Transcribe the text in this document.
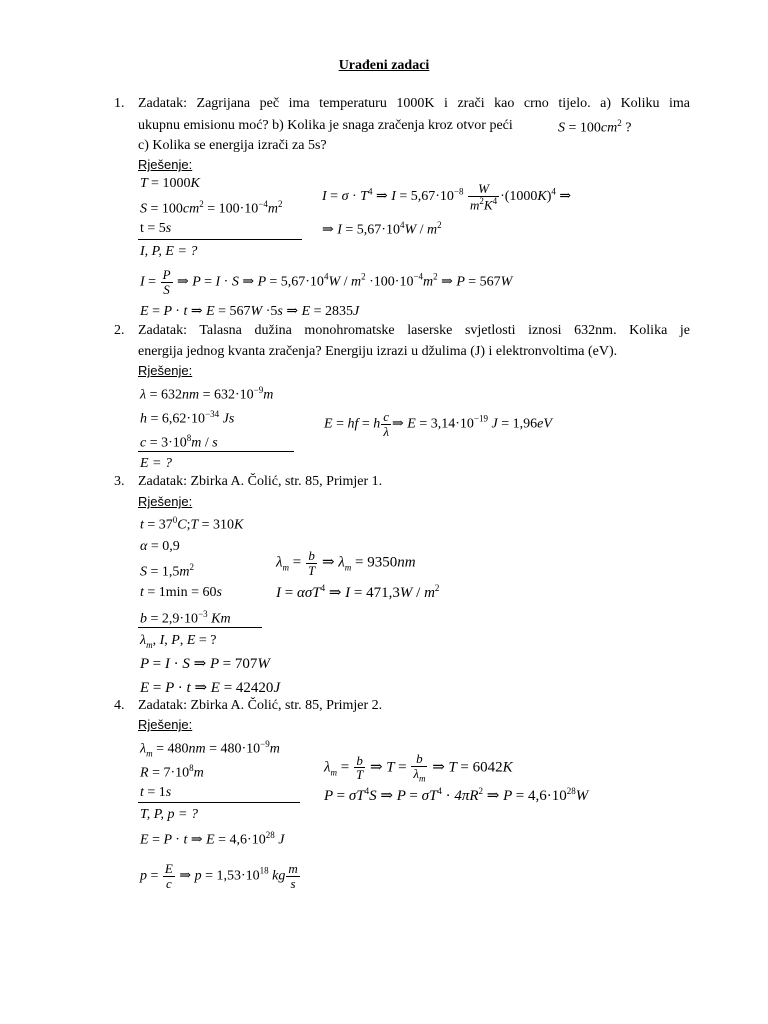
Urađeni zadaci
1. Zadatak: Zagrijana peč ima temperaturu 1000K i zrači kao crno tijelo. a) Koliku ima
ukupnu emisionu moć? b) Kolika je snaga zračenja kroz otvor peći	$S = 100cm^2$ ?
c) Kolika se energija izrači za 5s?
Rješenje:
T = 1000K
$S = 100cm^2 = 100\cdot 10^{-4}m^2$
t = 5s
I, P, E = ?
$I = \sigma \cdot T^4$ ⇒ $I = 5,67\cdot 10^{-8} \frac{W}{m^2K^4} \cdot(1000K)^4$ ⇒
⇒ $I = 5,67\cdot 10^4W / m^2$
$I = \frac{P}{S}$ ⇒ P = I · S ⇒ $P = 5,67\cdot 10^4W / m^2 \cdot 100\cdot 10^{-4}m^2$ ⇒ P = 567W
E = P · t ⇒ E = 567W ·5s ⇒ E = 2835J
2. Zadatak: Talasna dužina monohromatske laserske svjetlosti iznosi 632nm. Kolika je
energija jednog kvanta zračenja? Energiju izrazi u džulima (J) i elektronvoltima (eV).
Rješenje:
$\lambda = 632nm = 632\cdot 10^{-9}m$
$h = 6,62\cdot 10^{-34}$ Js
$c = 3\cdot 10^8m / s$
E = ?
E = hf = h $\frac{c}{\lambda}$ ⇒ $E = 3,14\cdot 10^{-19}$ J = 1,96eV
3. Zadatak: Zbirka A. Čolić, str. 85, Primjer 1.
Rješenje:
$t = 37^0C;T = 310K$
α = 0,9
$S = 1,5m^2$
t = 1min = 60s
$b = 2,9\cdot 10^{-3}$ Km
$\lambda_m$, I, P, E = ?
$\lambda_m = \frac{b}{T}$ ⇒ $\lambda_m = 9350nm$
I = ασT$^4$ ⇒ $I = 471,3W / m^2$
P = I · S ⇒ P = 707W
E = P · t ⇒ E = 42420J
4. Zadatak: Zbirka A. Čolić, str. 85, Primjer 2.
Rješenje:
$\lambda_m = 480nm = 480\cdot 10^{-9}m$
$R = 7\cdot 10^8m$
t = 1s
T, P, p = ?
$\lambda_m = \frac{b}{T}$ ⇒ $T = \frac{b}{\lambda_m}$ ⇒ T = 6042K
$P = \sigma T^4S$ ⇒ $P = \sigma T^4 \cdot 4\pi R^2$ ⇒ $P = 4,6\cdot 10^{28}W$
E = P · t ⇒ $E = 4,6\cdot 10^{28}$ J
$p = \frac{E}{c}$ ⇒ $p = 1,53\cdot 10^{18}$ kg $\frac{m}{s}$
